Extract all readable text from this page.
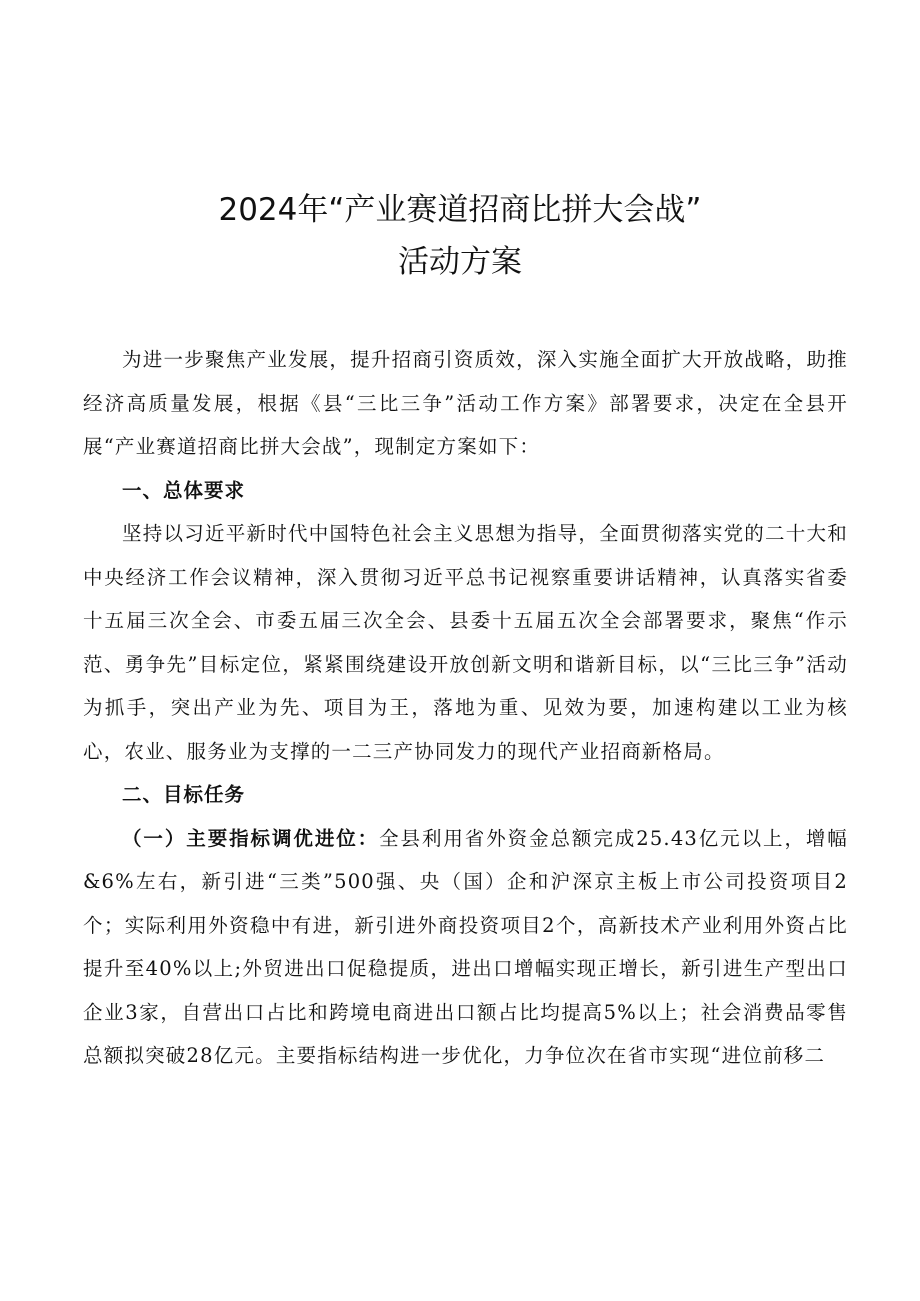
2024年“产业赛道招商比拼大会战”
活动方案

为进一步聚焦产业发展，提升招商引资质效，深入实施全面扩大开放战略，助推经济高质量发展，根据《县“三比三争”活动工作方案》部署要求，决定在全县开展“产业赛道招商比拼大会战”，现制定方案如下：

一、总体要求

坚持以习近平新时代中国特色社会主义思想为指导，全面贯彻落实党的二十大和中央经济工作会议精神，深入贯彻习近平总书记视察重要讲话精神，认真落实省委十五届三次全会、市委五届三次全会、县委十五届五次全会部署要求，聚焦“作示范、勇争先”目标定位，紧紧围绕建设开放创新文明和谐新目标，以“三比三争”活动为抓手，突出产业为先、项目为王，落地为重、见效为要，加速构建以工业为核心，农业、服务业为支撑的一二三产协同发力的现代产业招商新格局。

二、目标任务

（一）主要指标调优进位：全县利用省外资金总额完成25.43亿元以上，增幅&6%左右，新引进“三类”500强、央（国）企和沪深京主板上市公司投资项目2个；实际利用外资稳中有进，新引进外商投资项目2个，高新技术产业利用外资占比提升至40%以上;外贸进出口促稳提质，进出口增幅实现正增长，新引进生产型出口企业3家，自营出口占比和跨境电商进出口额占比均提高5%以上；社会消费品零售总额拟突破28亿元。主要指标结构进一步优化，力争位次在省市实现“进位前移二
